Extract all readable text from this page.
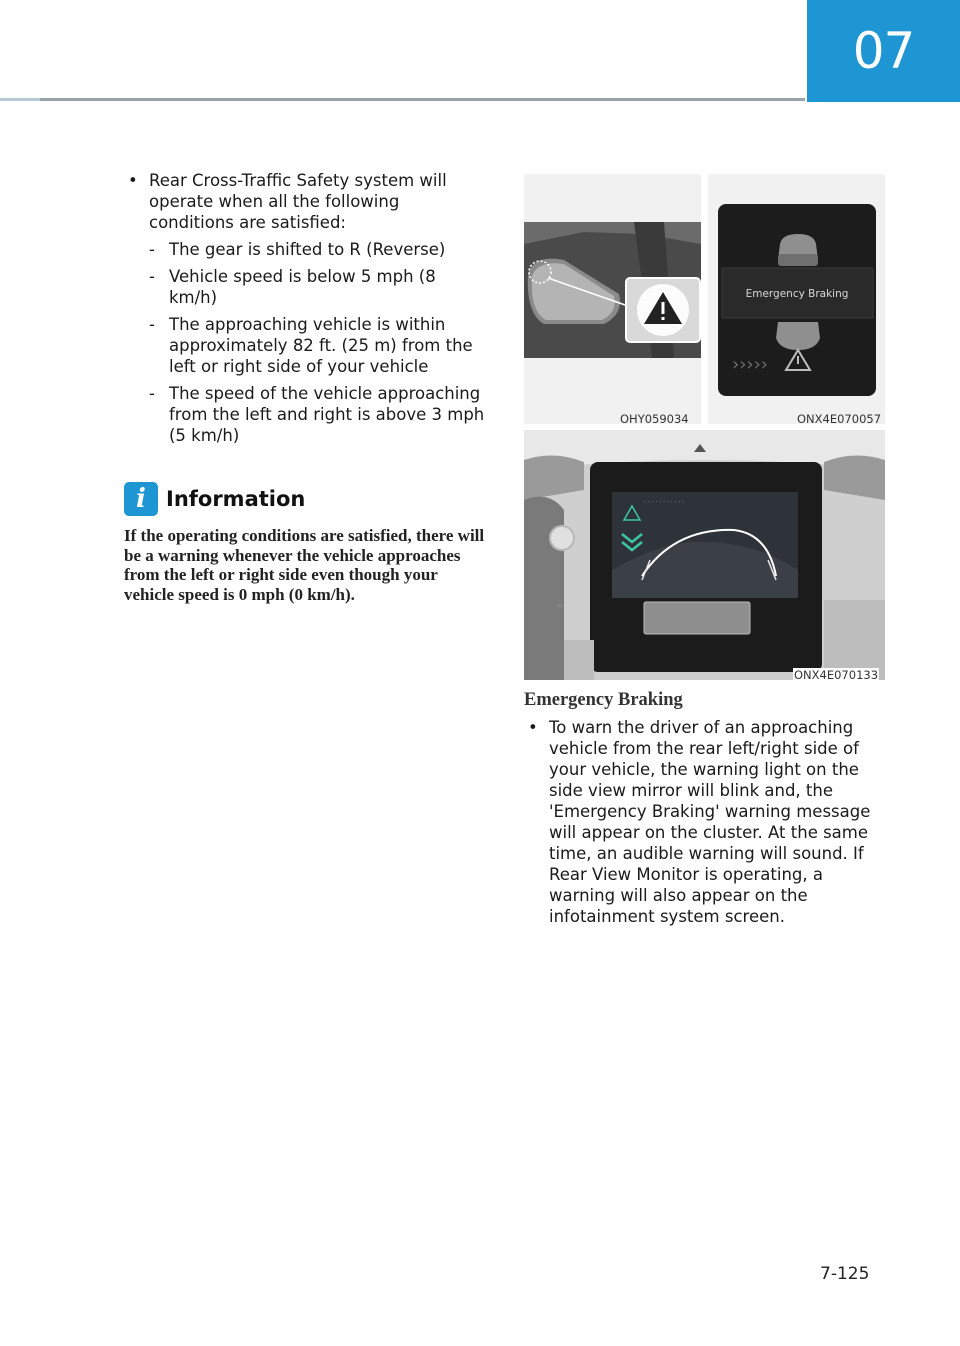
07
• Rear Cross-Traffic Safety system will operate when all the following conditions are satisfied:
- The gear is shifted to R (Reverse)
- Vehicle speed is below 5 mph (8 km/h)
- The approaching vehicle is within approximately 82 ft. (25 m) from the left or right side of your vehicle
- The speed of the vehicle approaching from the left and right is above 3 mph (5 km/h)
i Information
If the operating conditions are satisfied, there will be a warning whenever the vehicle approaches from the left or right side even though your vehicle speed is 0 mph (0 km/h).
OHY059034
Emergency Braking
›››››
ONX4E070057
· · · · · · · · · · ·
≡
ONX4E070133
Emergency Braking
• To warn the driver of an approaching vehicle from the rear left/right side of your vehicle, the warning light on the side view mirror will blink and, the 'Emergency Braking' warning message will appear on the cluster. At the same time, an audible warning will sound. If Rear View Monitor is operating, a warning will also appear on the infotainment system screen.
7-125
